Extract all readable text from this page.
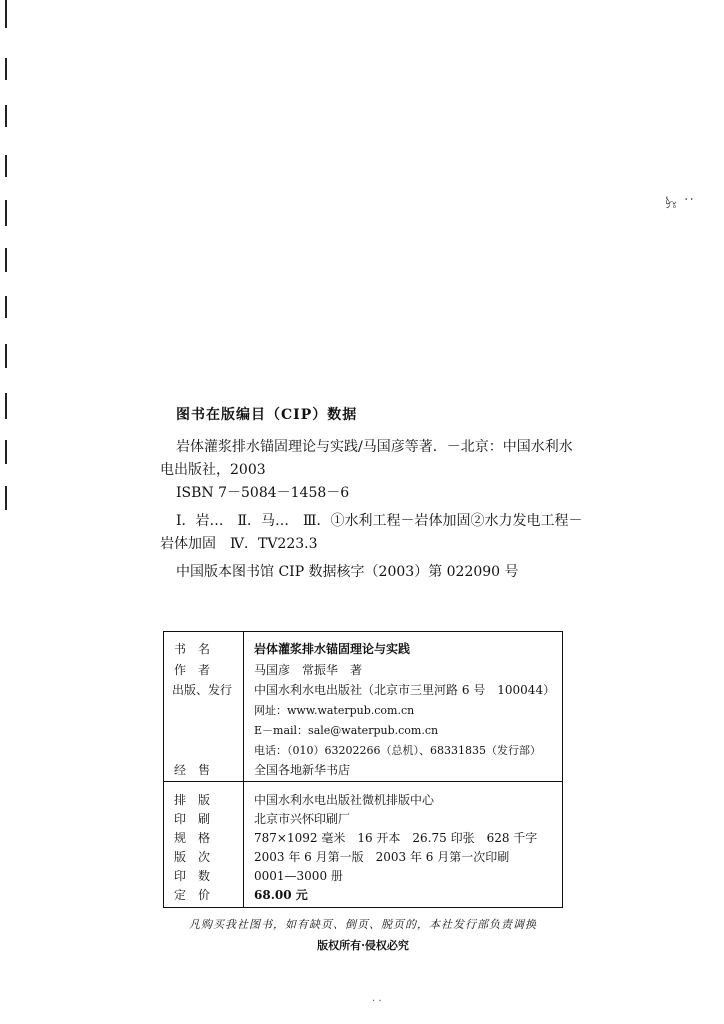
：ぷ
图书在版编目（CIP）数据
岩体灌浆排水锚固理论与实践/马国彦等著．－北京：中国水利水
电出版社，2003
ISBN 7－5084－1458－6
Ⅰ．岩…　Ⅱ．马…　Ⅲ．①水利工程－岩体加固②水力发电工程－
岩体加固　Ⅳ．TV223.3
中国版本图书馆 CIP 数据核字（2003）第 022090 号
书　名	岩体灌浆排水锚固理论与实践
作　者	马国彦　常振华　著
出版、发行	中国水利水电出版社（北京市三里河路 6 号　100044）
网址：www.waterpub.com.cn
E－mail：sale@waterpub.com.cn
电话：（010）63202266（总机）、68331835（发行部）
经　售	全国各地新华书店
排　版	中国水利水电出版社微机排版中心
印　刷	北京市兴怀印刷厂
规　格	787×1092 毫米　16 开本　26.75 印张　628 千字
版　次	2003 年 6 月第一版　2003 年 6 月第一次印刷
印　数	0001—3000 册
定　价	68.00 元
凡购买我社图书，如有缺页、倒页、脱页的，本社发行部负责调换
版权所有·侵权必究
· ·
